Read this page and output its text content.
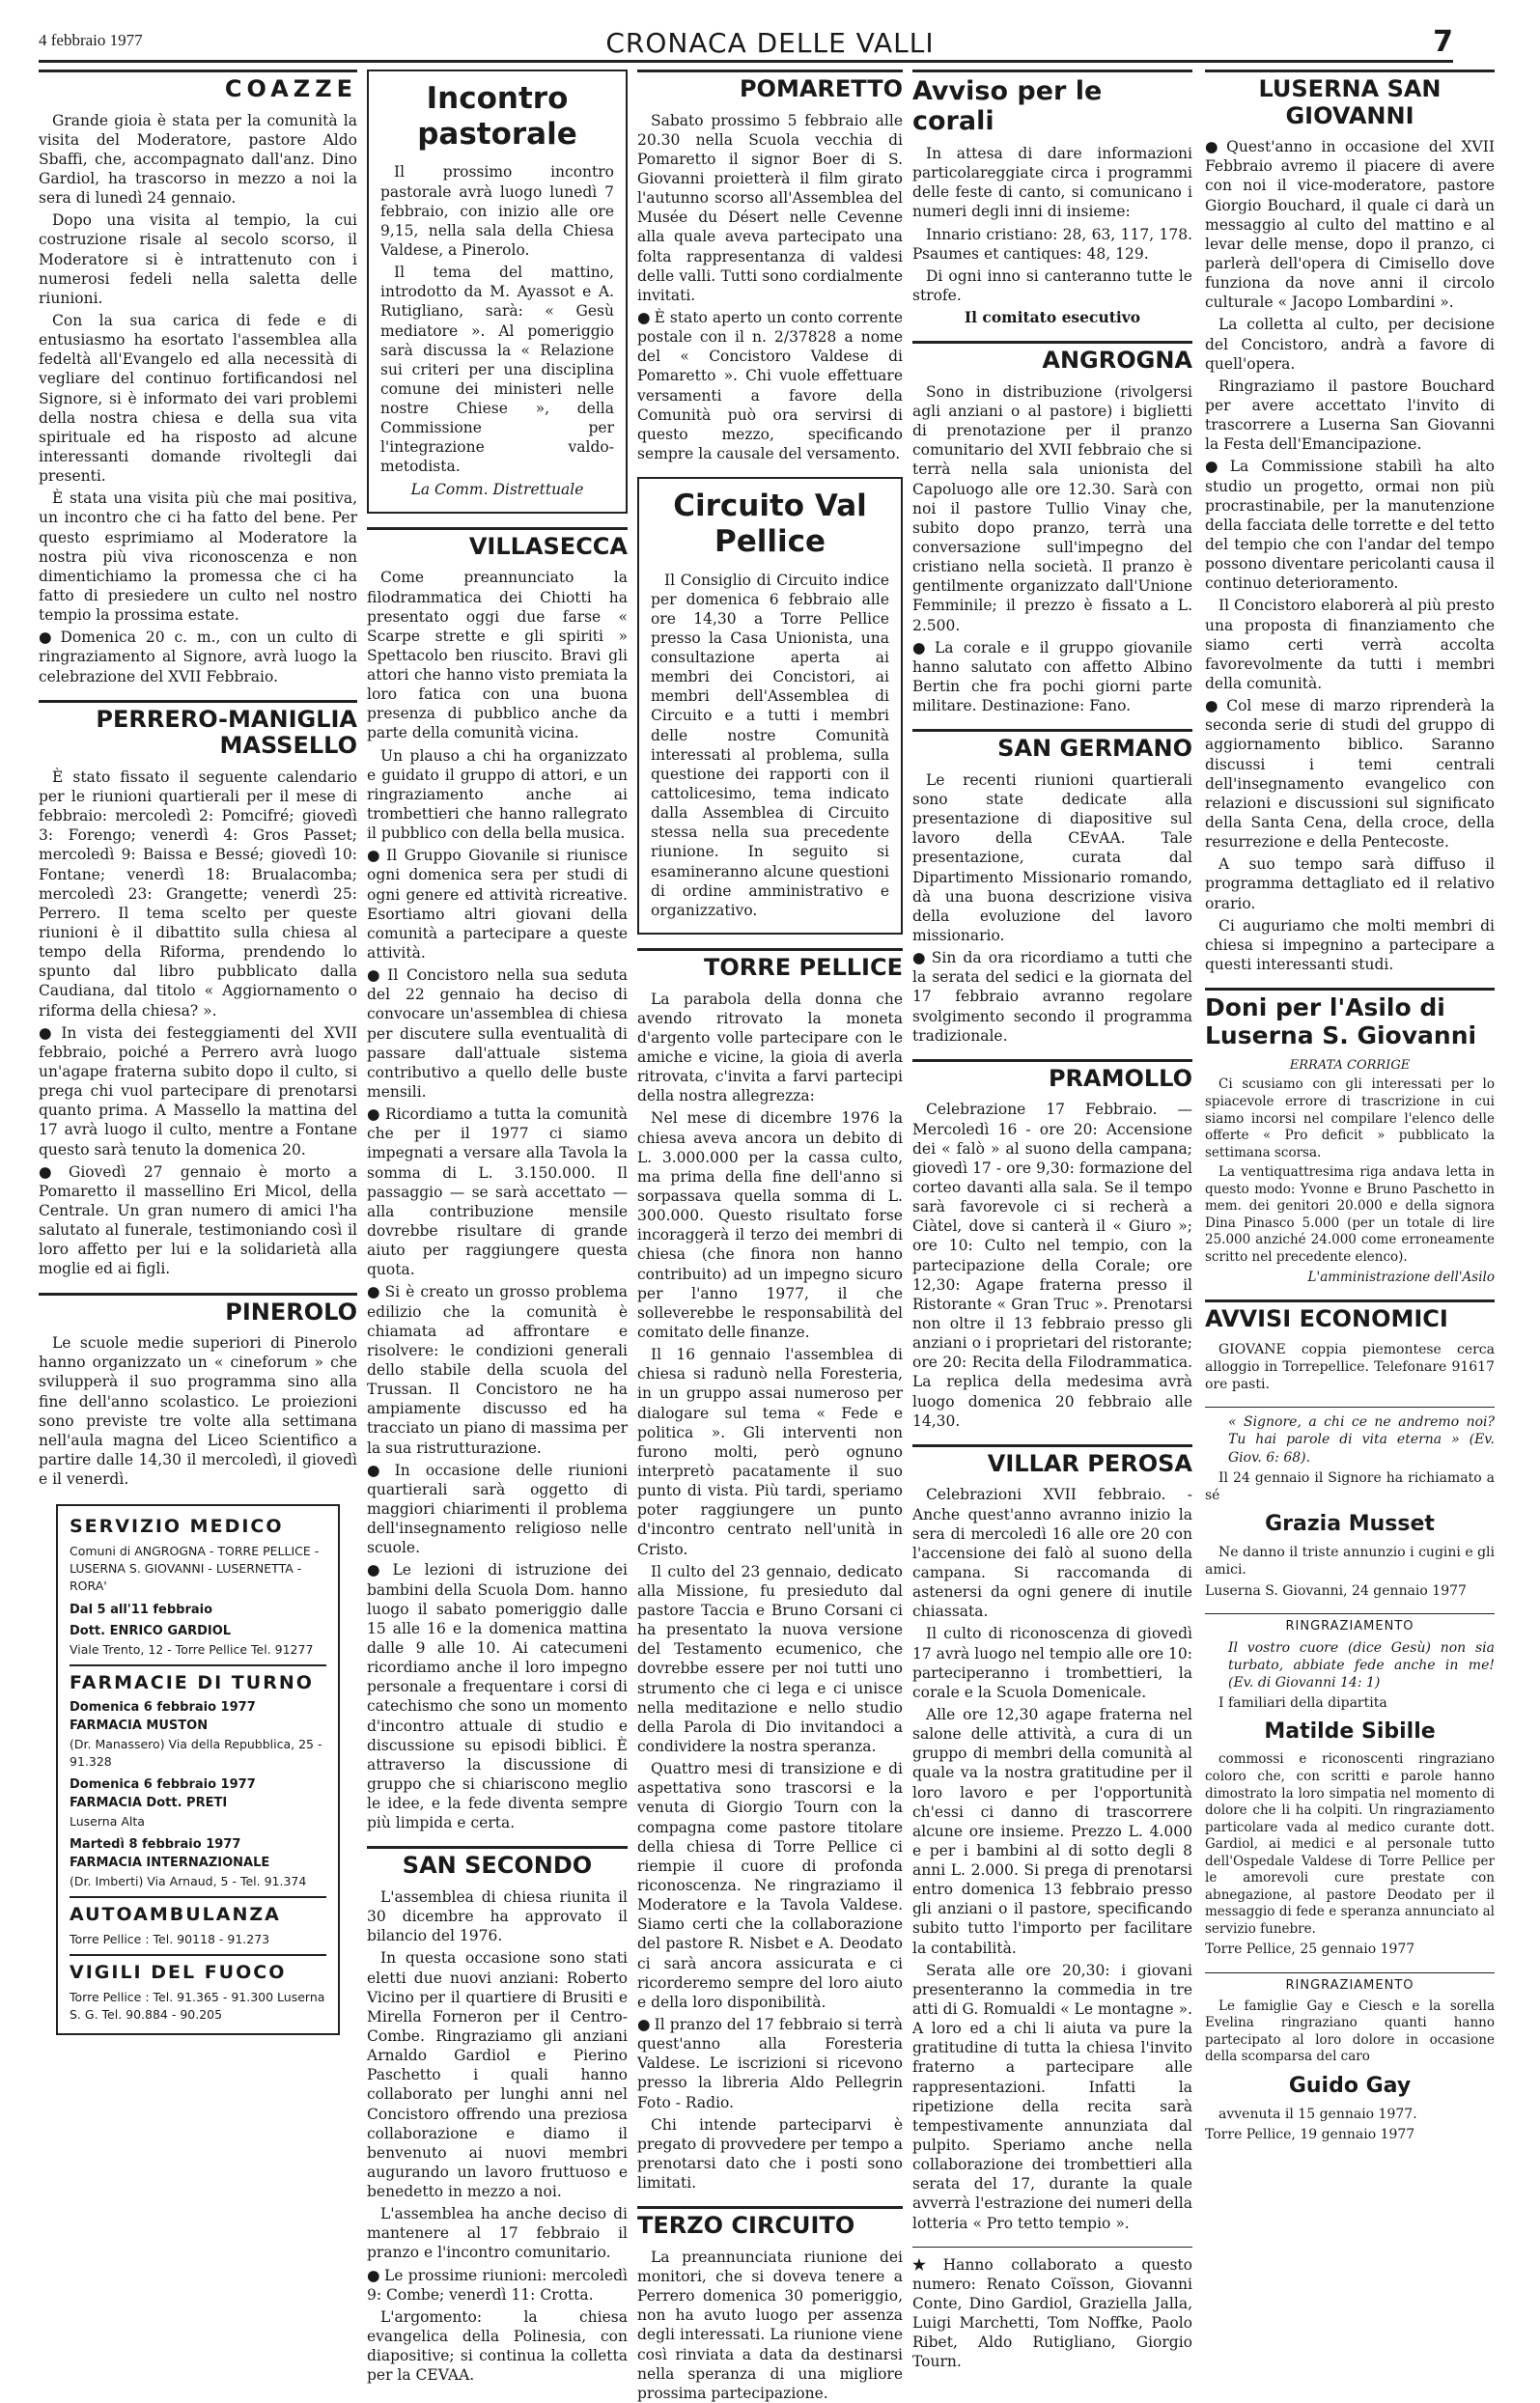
4 febbraio 1977	CRONACA DELLE VALLI	7
COAZZE

Grande gioia è stata per la comunità la visita del Moderatore, pastore Aldo Sbaffi, che, accompagnato dall'anz. Dino Gardiol, ha trascorso in mezzo a noi la sera di lunedì 24 gennaio.

Dopo una visita al tempio, la cui costruzione risale al secolo scorso, il Moderatore si è intrattenuto con i numerosi fedeli nella saletta delle riunioni.

Con la sua carica di fede e di entusiasmo ha esortato l'assemblea alla fedeltà all'Evangelo ed alla necessità di vegliare del continuo fortificandosi nel Signore, si è informato dei vari problemi della nostra chiesa e della sua vita spirituale ed ha risposto ad alcune interessanti domande rivoltegli dai presenti.

È stata una visita più che mai positiva, un incontro che ci ha fatto del bene. Per questo esprimiamo al Moderatore la nostra più viva riconoscenza e non dimentichiamo la promessa che ci ha fatto di presiedere un culto nel nostro tempio la prossima estate.

● Domenica 20 c. m., con un culto di ringraziamento al Signore, avrà luogo la celebrazione del XVII Febbraio.

PERRERO-MANIGLIA MASSELLO

È stato fissato il seguente calendario per le riunioni quartierali per il mese di febbraio: mercoledì 2: Pomcifré; giovedì 3: Forengo; venerdì 4: Gros Passet; mercoledì 9: Baissa e Bessé; giovedì 10: Fontane; venerdì 18: Brualacomba; mercoledì 23: Grangette; venerdì 25: Perrero. Il tema scelto per queste riunioni è il dibattito sulla chiesa al tempo della Riforma, prendendo lo spunto dal libro pubblicato dalla Caudiana, dal titolo « Aggiornamento o riforma della chiesa? ».

● In vista dei festeggiamenti del XVII febbraio, poiché a Perrero avrà luogo un'agape fraterna subito dopo il culto, si prega chi vuol partecipare di prenotarsi quanto prima. A Massello la mattina del 17 avrà luogo il culto, mentre a Fontane questo sarà tenuto la domenica 20.

● Giovedì 27 gennaio è morto a Pomaretto il massellino Eri Micol, della Centrale. Un gran numero di amici l'ha salutato al funerale, testimoniando così il loro affetto per lui e la solidarietà alla moglie ed ai figli.

PINEROLO

Le scuole medie superiori di Pinerolo hanno organizzato un « cineforum » che svilupperà il suo programma sino alla fine dell'anno scolastico. Le proiezioni sono previste tre volte alla settimana nell'aula magna del Liceo Scientifico a partire dalle 14,30 il mercoledì, il giovedì e il venerdì.

SERVIZIO MEDICO
Comuni di ANGROGNA - TORRE PELLICE - LUSERNA S. GIOVANNI - LUSERNETTA - RORA'
Dal 5 all'11 febbraio
Dott. ENRICO GARDIOL
Viale Trento, 12 - Torre Pellice Tel. 91277
FARMACIE DI TURNO
Domenica 6 febbraio 1977
FARMACIA MUSTON
(Dr. Manassero) Via della Repubblica, 25 - 91.328
Domenica 6 febbraio 1977
FARMACIA Dott. PRETI
Luserna Alta
Martedì 8 febbraio 1977
FARMACIA INTERNAZIONALE
(Dr. Imberti) Via Arnaud, 5 - Tel. 91.374
AUTOAMBULANZA
Torre Pellice : Tel. 90118 - 91.273
VIGILI DEL FUOCO
Torre Pellice : Tel. 91.365 - 91.300 Luserna S. G. Tel. 90.884 - 90.205
Incontro pastorale

Il prossimo incontro pastorale avrà luogo lunedì 7 febbraio, con inizio alle ore 9,15, nella sala della Chiesa Valdese, a Pinerolo.

Il tema del mattino, introdotto da M. Ayassot e A. Rutigliano, sarà: « Gesù mediatore ». Al pomeriggio sarà discussa la « Relazione sui criteri per una disciplina comune dei ministeri nelle nostre Chiese », della Commissione per l'integrazione valdo-metodista.

La Comm. Distrettuale

VILLASECCA

Come preannunciato la filodrammatica dei Chiotti ha presentato oggi due farse « Scarpe strette e gli spiriti » Spettacolo ben riuscito. Bravi gli attori che hanno visto premiata la loro fatica con una buona presenza di pubblico anche da parte della comunità vicina.

Un plauso a chi ha organizzato e guidato il gruppo di attori, e un ringraziamento anche ai trombettieri che hanno rallegrato il pubblico con della bella musica.

● Il Gruppo Giovanile si riunisce ogni domenica sera per studi di ogni genere ed attività ricreative. Esortiamo altri giovani della comunità a partecipare a queste attività.

● Il Concistoro nella sua seduta del 22 gennaio ha deciso di convocare un'assemblea di chiesa per discutere sulla eventualità di passare dall'attuale sistema contributivo a quello delle buste mensili.

● Ricordiamo a tutta la comunità che per il 1977 ci siamo impegnati a versare alla Tavola la somma di L. 3.150.000. Il passaggio — se sarà accettato — alla contribuzione mensile dovrebbe risultare di grande aiuto per raggiungere questa quota.

● Si è creato un grosso problema edilizio che la comunità è chiamata ad affrontare e risolvere: le condizioni generali dello stabile della scuola del Trussan. Il Concistoro ne ha ampiamente discusso ed ha tracciato un piano di massima per la sua ristrutturazione.

● In occasione delle riunioni quartierali sarà oggetto di maggiori chiarimenti il problema dell'insegnamento religioso nelle scuole.

● Le lezioni di istruzione dei bambini della Scuola Dom. hanno luogo il sabato pomeriggio dalle 15 alle 16 e la domenica mattina dalle 9 alle 10. Ai catecumeni ricordiamo anche il loro impegno personale a frequentare i corsi di catechismo che sono un momento d'incontro attuale di studio e discussione su episodi biblici. È attraverso la discussione di gruppo che si chiariscono meglio le idee, e la fede diventa sempre più limpida e certa.

SAN SECONDO

L'assemblea di chiesa riunita il 30 dicembre ha approvato il bilancio del 1976.

In questa occasione sono stati eletti due nuovi anziani: Roberto Vicino per il quartiere di Brusiti e Mirella Forneron per il Centro-Combe. Ringraziamo gli anziani Arnaldo Gardiol e Pierino Paschetto i quali hanno collaborato per lunghi anni nel Concistoro offrendo una preziosa collaborazione e diamo il benvenuto ai nuovi membri augurando un lavoro fruttuoso e benedetto in mezzo a noi.

L'assemblea ha anche deciso di mantenere al 17 febbraio il pranzo e l'incontro comunitario.

● Le prossime riunioni: mercoledì 9: Combe; venerdì 11: Crotta.

L'argomento: la chiesa evangelica della Polinesia, con diapositive; si continua la colletta per la CEVAA.

POMARETTO

Sabato prossimo 5 febbraio alle 20.30 nella Scuola vecchia di Pomaretto il signor Boer di S. Giovanni proietterà il film girato l'autunno scorso all'Assemblea del Musée du Désert nelle Cevenne alla quale aveva partecipato una folta rappresentanza di valdesi delle valli. Tutti sono cordialmente invitati.

● È stato aperto un conto corrente postale con il n. 2/37828 a nome del « Concistoro Valdese di Pomaretto ». Chi vuole effettuare versamenti a favore della Comunità può ora servirsi di questo mezzo, specificando sempre la causale del versamento.

Circuito Val Pellice

Il Consiglio di Circuito indice per domenica 6 febbraio alle ore 14,30 a Torre Pellice presso la Casa Unionista, una consultazione aperta ai membri dei Concistori, ai membri dell'Assemblea di Circuito e a tutti i membri delle nostre Comunità interessati al problema, sulla questione dei rapporti con il cattolicesimo, tema indicato dalla Assemblea di Circuito stessa nella sua precedente riunione. In seguito si esamineranno alcune questioni di ordine amministrativo e organizzativo.

TORRE PELLICE

La parabola della donna che avendo ritrovato la moneta d'argento volle partecipare con le amiche e vicine, la gioia di averla ritrovata, c'invita a farvi partecipi della nostra allegrezza:

Nel mese di dicembre 1976 la chiesa aveva ancora un debito di L. 3.000.000 per la cassa culto, ma prima della fine dell'anno si sorpassava quella somma di L. 300.000. Questo risultato forse incoraggerà il terzo dei membri di chiesa (che finora non hanno contribuito) ad un impegno sicuro per l'anno 1977, il che solleverebbe le responsabilità del comitato delle finanze.

Il 16 gennaio l'assemblea di chiesa si radunò nella Foresteria, in un gruppo assai numeroso per dialogare sul tema « Fede e politica ». Gli interventi non furono molti, però ognuno interpretò pacatamente il suo punto di vista. Più tardi, speriamo poter raggiungere un punto d'incontro centrato nell'unità in Cristo.

Il culto del 23 gennaio, dedicato alla Missione, fu presieduto dal pastore Taccia e Bruno Corsani ci ha presentato la nuova versione del Testamento ecumenico, che dovrebbe essere per noi tutti uno strumento che ci lega e ci unisce nella meditazione e nello studio della Parola di Dio invitandoci a condividere la nostra speranza.

Quattro mesi di transizione e di aspettativa sono trascorsi e la venuta di Giorgio Tourn con la compagna come pastore titolare della chiesa di Torre Pellice ci riempie il cuore di profonda riconoscenza. Ne ringraziamo il Moderatore e la Tavola Valdese. Siamo certi che la collaborazione del pastore R. Nisbet e A. Deodato ci sarà ancora assicurata e ci ricorderemo sempre del loro aiuto e della loro disponibilità.

● Il pranzo del 17 febbraio si terrà quest'anno alla Foresteria Valdese. Le iscrizioni si ricevono presso la libreria Aldo Pellegrin Foto - Radio.

Chi intende parteciparvi è pregato di provvedere per tempo a prenotarsi dato che i posti sono limitati.

TERZO CIRCUITO

La preannunciata riunione dei monitori, che si doveva tenere a Perrero domenica 30 pomeriggio, non ha avuto luogo per assenza degli interessati. La riunione viene così rinviata a data da destinarsi nella speranza di una migliore prossima partecipazione.

Avviso per le corali

In attesa di dare informazioni particolareggiate circa i programmi delle feste di canto, si comunicano i numeri degli inni di insieme:

Innario cristiano: 28, 63, 117, 178. Psaumes et cantiques: 48, 129.

Di ogni inno si canteranno tutte le strofe.

Il comitato esecutivo

ANGROGNA

Sono in distribuzione (rivolgersi agli anziani o al pastore) i biglietti di prenotazione per il pranzo comunitario del XVII febbraio che si terrà nella sala unionista del Capoluogo alle ore 12.30. Sarà con noi il pastore Tullio Vinay che, subito dopo pranzo, terrà una conversazione sull'impegno del cristiano nella società. Il pranzo è gentilmente organizzato dall'Unione Femminile; il prezzo è fissato a L. 2.500.

● La corale e il gruppo giovanile hanno salutato con affetto Albino Bertin che fra pochi giorni parte militare. Destinazione: Fano.

SAN GERMANO

Le recenti riunioni quartierali sono state dedicate alla presentazione di diapositive sul lavoro della CEvAA. Tale presentazione, curata dal Dipartimento Missionario romando, dà una buona descrizione visiva della evoluzione del lavoro missionario.

● Sin da ora ricordiamo a tutti che la serata del sedici e la giornata del 17 febbraio avranno regolare svolgimento secondo il programma tradizionale.

PRAMOLLO

Celebrazione 17 Febbraio. — Mercoledì 16 - ore 20: Accensione dei « falò » al suono della campana; giovedì 17 - ore 9,30: formazione del corteo davanti alla sala. Se il tempo sarà favorevole ci si recherà a Ciàtel, dove si canterà il « Giuro »; ore 10: Culto nel tempio, con la partecipazione della Corale; ore 12,30: Agape fraterna presso il Ristorante « Gran Truc ». Prenotarsi non oltre il 13 febbraio presso gli anziani o i proprietari del ristorante; ore 20: Recita della Filodrammatica. La replica della medesima avrà luogo domenica 20 febbraio alle 14,30.

VILLAR PEROSA

Celebrazioni XVII febbraio. - Anche quest'anno avranno inizio la sera di mercoledì 16 alle ore 20 con l'accensione dei falò al suono della campana. Si raccomanda di astenersi da ogni genere di inutile chiassata.

Il culto di riconoscenza di giovedì 17 avrà luogo nel tempio alle ore 10: parteciperanno i trombettieri, la corale e la Scuola Domenicale.

Alle ore 12,30 agape fraterna nel salone delle attività, a cura di un gruppo di membri della comunità al quale va la nostra gratitudine per il loro lavoro e per l'opportunità ch'essi ci danno di trascorrere alcune ore insieme. Prezzo L. 4.000 e per i bambini al di sotto degli 8 anni L. 2.000. Si prega di prenotarsi entro domenica 13 febbraio presso gli anziani o il pastore, specificando subito tutto l'importo per facilitare la contabilità.

Serata alle ore 20,30: i giovani presenteranno la commedia in tre atti di G. Romualdi « Le montagne ». A loro ed a chi li aiuta va pure la gratitudine di tutta la chiesa l'invito fraterno a partecipare alle rappresentazioni. Infatti la ripetizione della recita sarà tempestivamente annunziata dal pulpito. Speriamo anche nella collaborazione dei trombettieri alla serata del 17, durante la quale avverrà l'estrazione dei numeri della lotteria « Pro tetto tempio ».

★ Hanno collaborato a questo numero: Renato Coïsson, Giovanni Conte, Dino Gardiol, Graziella Jalla, Luigi Marchetti, Tom Noffke, Paolo Ribet, Aldo Rutigliano, Giorgio Tourn.

LUSERNA SAN GIOVANNI

● Quest'anno in occasione del XVII Febbraio avremo il piacere di avere con noi il vice-moderatore, pastore Giorgio Bouchard, il quale ci darà un messaggio al culto del mattino e al levar delle mense, dopo il pranzo, ci parlerà dell'opera di Cimisello dove funziona da nove anni il circolo culturale « Jacopo Lombardini ».

La colletta al culto, per decisione del Concistoro, andrà a favore di quell'opera.

Ringraziamo il pastore Bouchard per avere accettato l'invito di trascorrere a Luserna San Giovanni la Festa dell'Emancipazione.

● La Commissione stabilì ha alto studio un progetto, ormai non più procrastinabile, per la manutenzione della facciata delle torrette e del tetto del tempio che con l'andar del tempo possono diventare pericolanti causa il continuo deterioramento.

Il Concistoro elaborerà al più presto una proposta di finanziamento che siamo certi verrà accolta favorevolmente da tutti i membri della comunità.

● Col mese di marzo riprenderà la seconda serie di studi del gruppo di aggiornamento biblico. Saranno discussi i temi centrali dell'insegnamento evangelico con relazioni e discussioni sul significato della Santa Cena, della croce, della resurrezione e della Pentecoste.

A suo tempo sarà diffuso il programma dettagliato ed il relativo orario.

Ci auguriamo che molti membri di chiesa si impegnino a partecipare a questi interessanti studi.

Doni per l'Asilo di Luserna S. Giovanni

ERRATA CORRIGE

Ci scusiamo con gli interessati per lo spiacevole errore di trascrizione in cui siamo incorsi nel compilare l'elenco delle offerte « Pro deficit » pubblicato la settimana scorsa.

La ventiquattresima riga andava letta in questo modo: Yvonne e Bruno Paschetto in mem. dei genitori 20.000 e della signora Dina Pinasco 5.000 (per un totale di lire 25.000 anziché 24.000 come erroneamente scritto nel precedente elenco).

L'amministrazione dell'Asilo

AVVISI ECONOMICI

GIOVANE coppia piemontese cerca alloggio in Torrepellice. Telefonare 91617 ore pasti.

« Signore, a chi ce ne andremo noi? Tu hai parole di vita eterna » (Ev. Giov. 6: 68).

Il 24 gennaio il Signore ha richiamato a sé

Grazia Musset

Ne danno il triste annunzio i cugini e gli amici.

Luserna S. Giovanni, 24 gennaio 1977

RINGRAZIAMENTO

Il vostro cuore (dice Gesù) non sia turbato, abbiate fede anche in me! (Ev. di Giovanni 14: 1)

I familiari della dipartita

Matilde Sibille

commossi e riconoscenti ringraziano coloro che, con scritti e parole hanno dimostrato la loro simpatia nel momento di dolore che li ha colpiti. Un ringraziamento particolare vada al medico curante dott. Gardiol, ai medici e al personale tutto dell'Ospedale Valdese di Torre Pellice per le amorevoli cure prestate con abnegazione, al pastore Deodato per il messaggio di fede e speranza annunciato al servizio funebre.

Torre Pellice, 25 gennaio 1977

RINGRAZIAMENTO

Le famiglie Gay e Ciesch e la sorella Evelina ringraziano quanti hanno partecipato al loro dolore in occasione della scomparsa del caro

Guido Gay

avvenuta il 15 gennaio 1977.

Torre Pellice, 19 gennaio 1977
